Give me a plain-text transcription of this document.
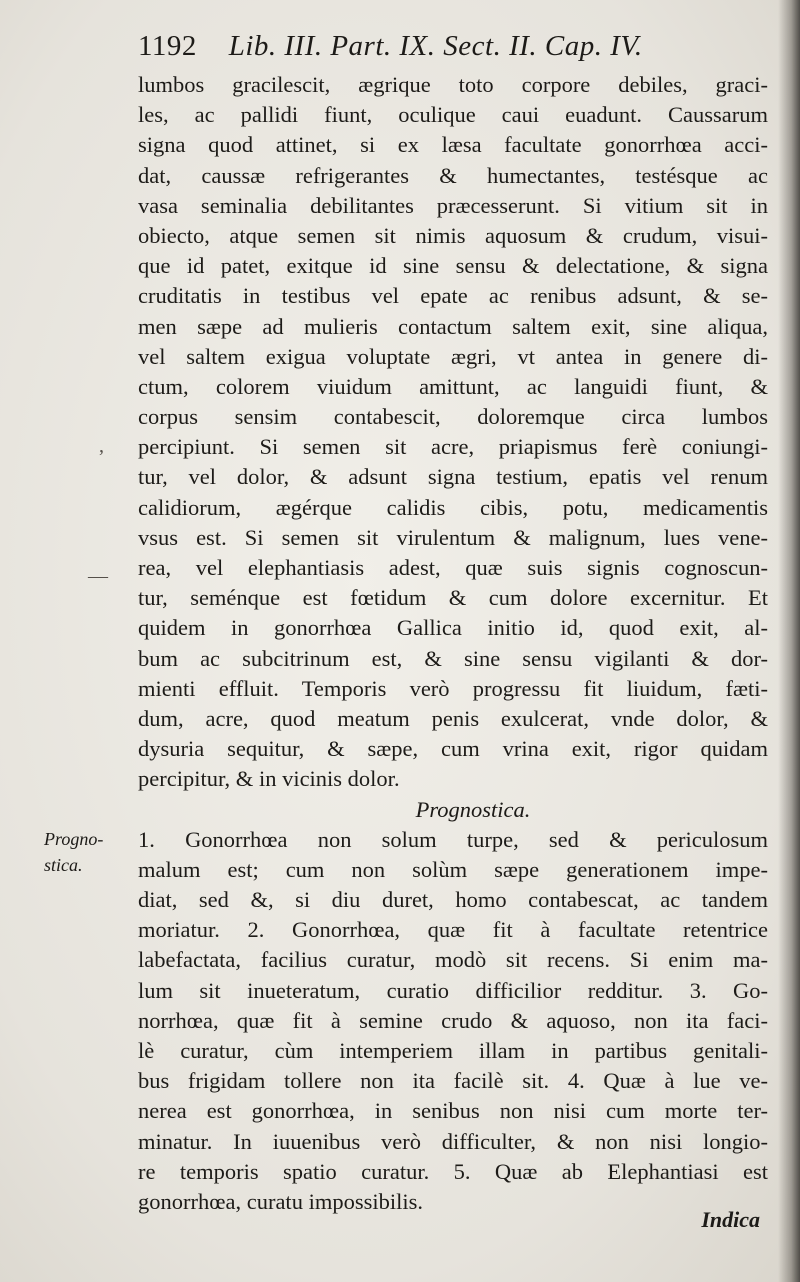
1192 Lib. III. Part. IX. Sect. II. Cap. IV.
lumbos gracilescit, ægrique toto corpore debiles, graci-
les, ac pallidi fiunt, oculique caui euadunt. Caussarum
signa quod attinet, si ex læsa facultate gonorrhœa acci-
dat, caussæ refrigerantes & humectantes, testésque ac
vasa seminalia debilitantes præcesserunt. Si vitium sit in
obiecto, atque semen sit nimis aquosum & crudum, visui-
que id patet, exitque id sine sensu & delectatione, & signa
cruditatis in testibus vel epate ac renibus adsunt, & se-
men sæpe ad mulieris contactum saltem exit, sine aliqua,
vel saltem exigua voluptate ægri, vt antea in genere di-
ctum, colorem viuidum amittunt, ac languidi fiunt, &
corpus sensim contabescit, doloremque circa lumbos
percipiunt. Si semen sit acre, priapismus ferè coniungi-
tur, vel dolor, & adsunt signa testium, epatis vel renum
calidiorum, ægérque calidis cibis, potu, medicamentis
vsus est. Si semen sit virulentum & malignum, lues vene-
rea, vel elephantiasis adest, quæ suis signis cognoscun-
tur, seménque est fœtidum & cum dolore excernitur. Et
quidem in gonorrhœa Gallica initio id, quod exit, al-
bum ac subcitrinum est, & sine sensu vigilanti & dor-
mienti effluit. Temporis verò progressu fit liuidum, fæti-
dum, acre, quod meatum penis exulcerat, vnde dolor, &
dysuria sequitur, & sæpe, cum vrina exit, rigor quidam
percipitur, & in vicinis dolor.
Prognostica.
1. Gonorrhœa non solum turpe, sed & periculosum
malum est; cum non solùm sæpe generationem impe-
diat, sed &, si diu duret, homo contabescat, ac tandem
moriatur. 2. Gonorrhœa, quæ fit à facultate retentrice
labefactata, facilius curatur, modò sit recens. Si enim ma-
lum sit inueteratum, curatio difficilior redditur. 3. Go-
norrhœa, quæ fit à semine crudo & aquoso, non ita faci-
lè curatur, cùm intemperiem illam in partibus genitali-
bus frigidam tollere non ita facilè sit. 4. Quæ à lue ve-
nerea est gonorrhœa, in senibus non nisi cum morte ter-
minatur. In iuuenibus verò difficulter, & non nisi longio-
re temporis spatio curatur. 5. Quæ ab Elephantiasi est
gonorrhœa, curatu impossibilis.
’
—
Progno-
stica.
Indica
